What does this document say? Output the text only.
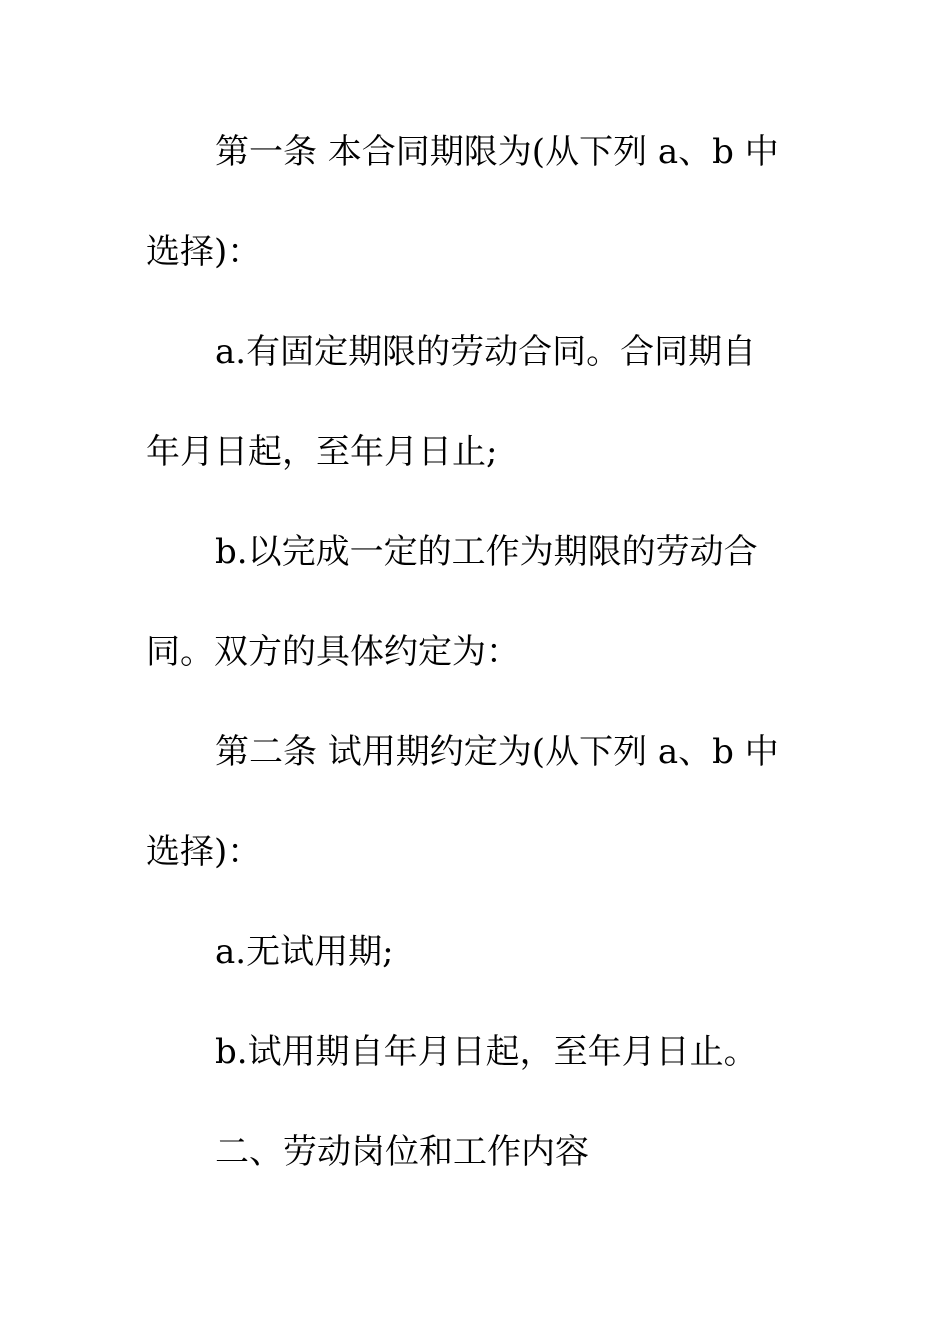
第一条 本合同期限为(从下列 a、b 中
选择)：
a.有固定期限的劳动合同。合同期自
年月日起，至年月日止;
b.以完成一定的工作为期限的劳动合
同。双方的具体约定为：
第二条 试用期约定为(从下列 a、b 中
选择)：
a.无试用期;
b.试用期自年月日起，至年月日止。
二、劳动岗位和工作内容
